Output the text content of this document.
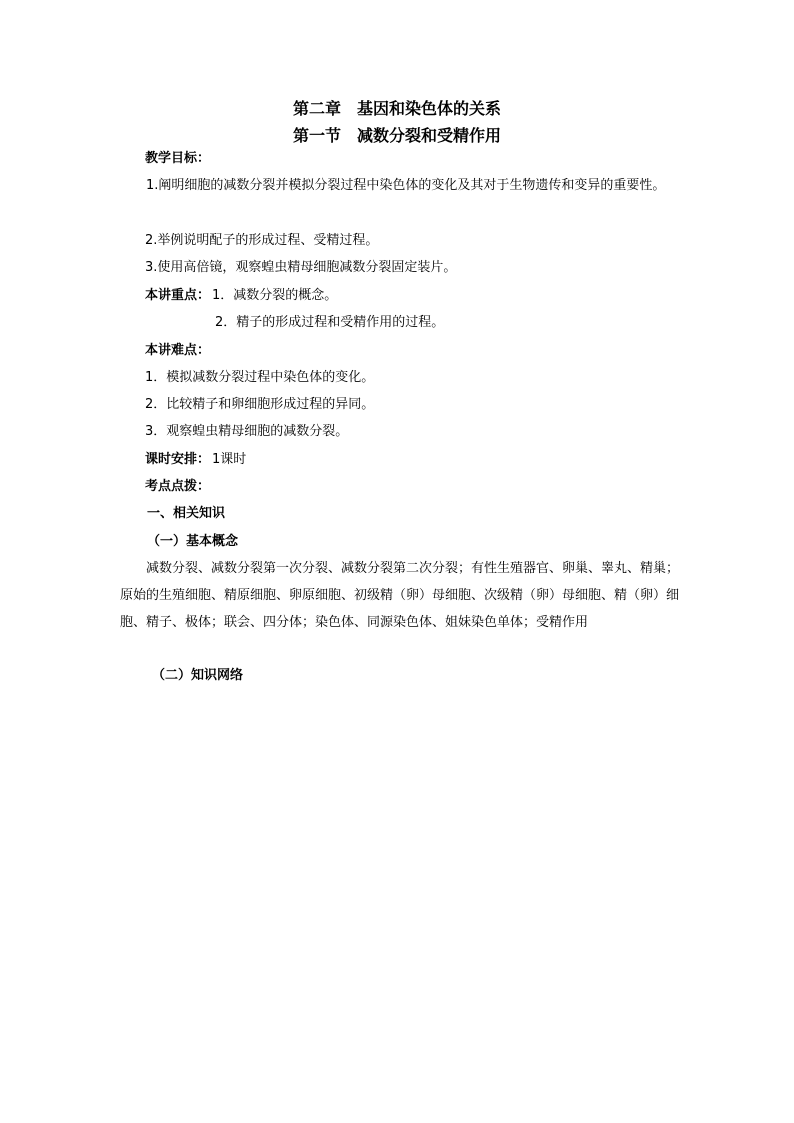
第二章　基因和染色体的关系
第一节　减数分裂和受精作用
教学目标：

1.阐明细胞的减数分裂并模拟分裂过程中染色体的变化及其对于生物遗传和变异的重要性。

2.举例说明配子的形成过程、受精过程。
3.使用高倍镜，观察蝗虫精母细胞减数分裂固定装片。
本讲重点： 1．减数分裂的概念。
2．精子的形成过程和受精作用的过程。
本讲难点：
1．模拟减数分裂过程中染色体的变化。
2．比较精子和卵细胞形成过程的异同。
3．观察蝗虫精母细胞的减数分裂。
课时安排： 1课时
考点点拨：
一、相关知识
（一）基本概念

减数分裂、减数分裂第一次分裂、减数分裂第二次分裂；有性生殖器官、卵巢、睾丸、精巢；原始的生殖细胞、精原细胞、卵原细胞、初级精（卵）母细胞、次级精（卵）母细胞、精（卵）细胞、精子、极体；联会、四分体；染色体、同源染色体、姐妹染色单体；受精作用

（二）知识网络
